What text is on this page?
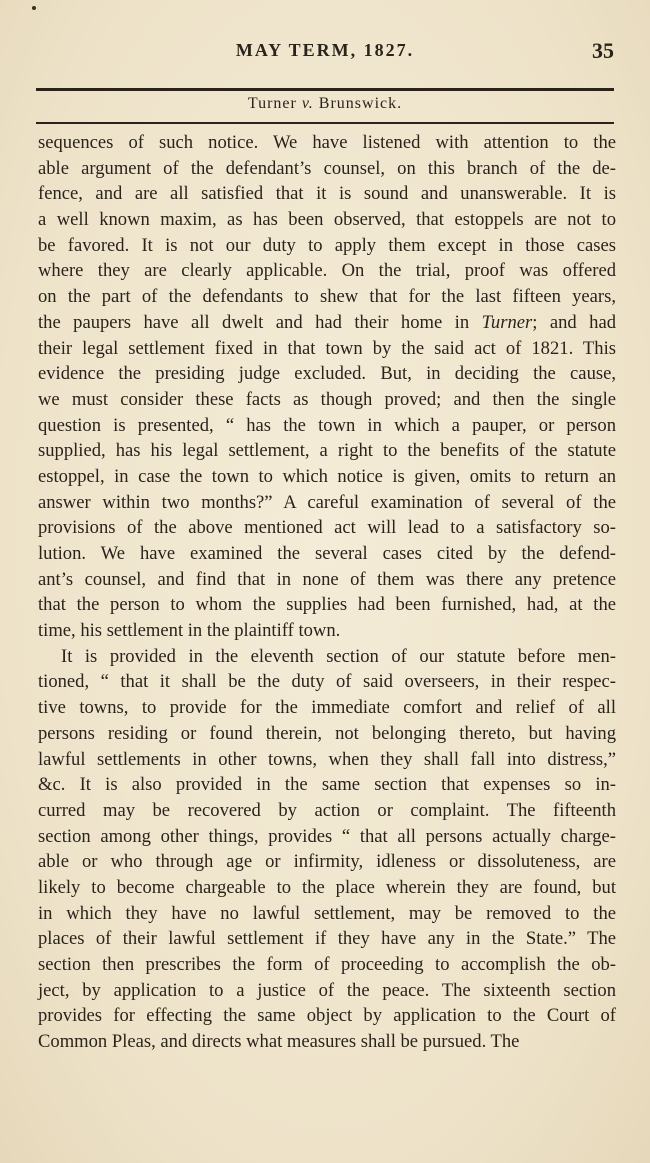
MAY TERM, 1827.	35
Turner v. Brunswick.
sequences of such notice. We have listened with attention to the
able argument of the defendant’s counsel, on this branch of the de-
fence, and are all satisfied that it is sound and unanswerable. It is
a well known maxim, as has been observed, that estoppels are not to
be favored. It is not our duty to apply them except in those cases
where they are clearly applicable. On the trial, proof was offered
on the part of the defendants to shew that for the last fifteen years,
the paupers have all dwelt and had their home in Turner; and had
their legal settlement fixed in that town by the said act of 1821. This
evidence the presiding judge excluded. But, in deciding the cause,
we must consider these facts as though proved; and then the single
question is presented, “ has the town in which a pauper, or person
supplied, has his legal settlement, a right to the benefits of the statute
estoppel, in case the town to which notice is given, omits to return an
answer within two months?” A careful examination of several of the
provisions of the above mentioned act will lead to a satisfactory so-
lution. We have examined the several cases cited by the defend-
ant’s counsel, and find that in none of them was there any pretence
that the person to whom the supplies had been furnished, had, at the
time, his settlement in the plaintiff town.
It is provided in the eleventh section of our statute before men-
tioned, “ that it shall be the duty of said overseers, in their respec-
tive towns, to provide for the immediate comfort and relief of all
persons residing or found therein, not belonging thereto, but having
lawful settlements in other towns, when they shall fall into distress,”
&c. It is also provided in the same section that expenses so in-
curred may be recovered by action or complaint. The fifteenth
section among other things, provides “ that all persons actually charge-
able or who through age or infirmity, idleness or dissoluteness, are
likely to become chargeable to the place wherein they are found, but
in which they have no lawful settlement, may be removed to the
places of their lawful settlement if they have any in the State.” The
section then prescribes the form of proceeding to accomplish the ob-
ject, by application to a justice of the peace. The sixteenth section
provides for effecting the same object by application to the Court of
Common Pleas, and directs what measures shall be pursued. The
